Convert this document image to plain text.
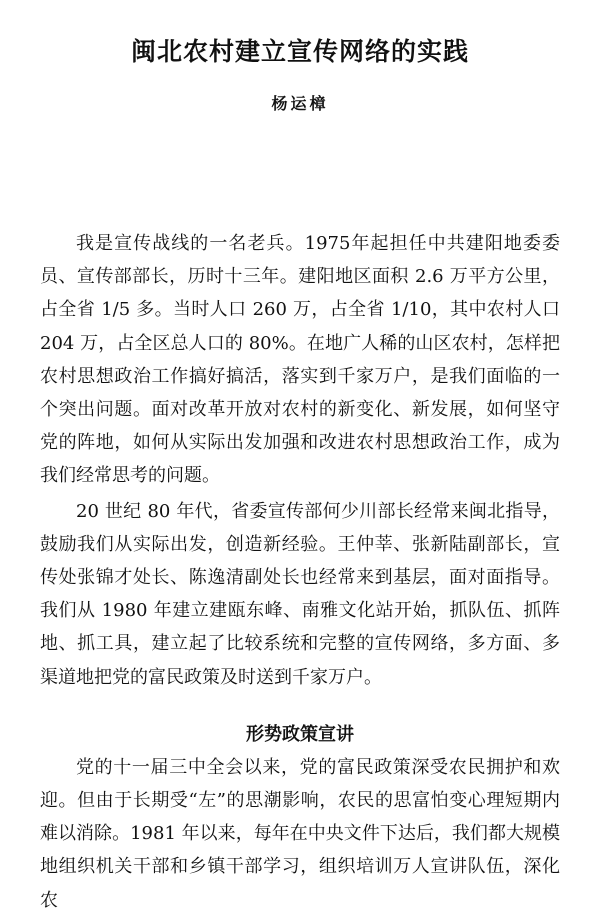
闽北农村建立宣传网络的实践
杨运樟

我是宣传战线的一名老兵。1975年起担任中共建阳地委委员、宣传部部长，历时十三年。建阳地区面积 2.6 万平方公里，占全省 1/5 多。当时人口 260 万，占全省 1/10，其中农村人口 204 万，占全区总人口的 80%。在地广人稀的山区农村，怎样把农村思想政治工作搞好搞活，落实到千家万户，是我们面临的一个突出问题。面对改革开放对农村的新变化、新发展，如何坚守党的阵地，如何从实际出发加强和改进农村思想政治工作，成为我们经常思考的问题。

20 世纪 80 年代，省委宣传部何少川部长经常来闽北指导，鼓励我们从实际出发，创造新经验。王仲莘、张新陆副部长，宣传处张锦才处长、陈逸清副处长也经常来到基层，面对面指导。我们从 1980 年建立建瓯东峰、南雅文化站开始，抓队伍、抓阵地、抓工具，建立起了比较系统和完整的宣传网络，多方面、多渠道地把党的富民政策及时送到千家万户。

形势政策宣讲

党的十一届三中全会以来，党的富民政策深受农民拥护和欢迎。但由于长期受“左”的思潮影响，农民的思富怕变心理短期内难以消除。1981 年以来，每年在中央文件下达后，我们都大规模地组织机关干部和乡镇干部学习，组织培训万人宣讲队伍，深化农
